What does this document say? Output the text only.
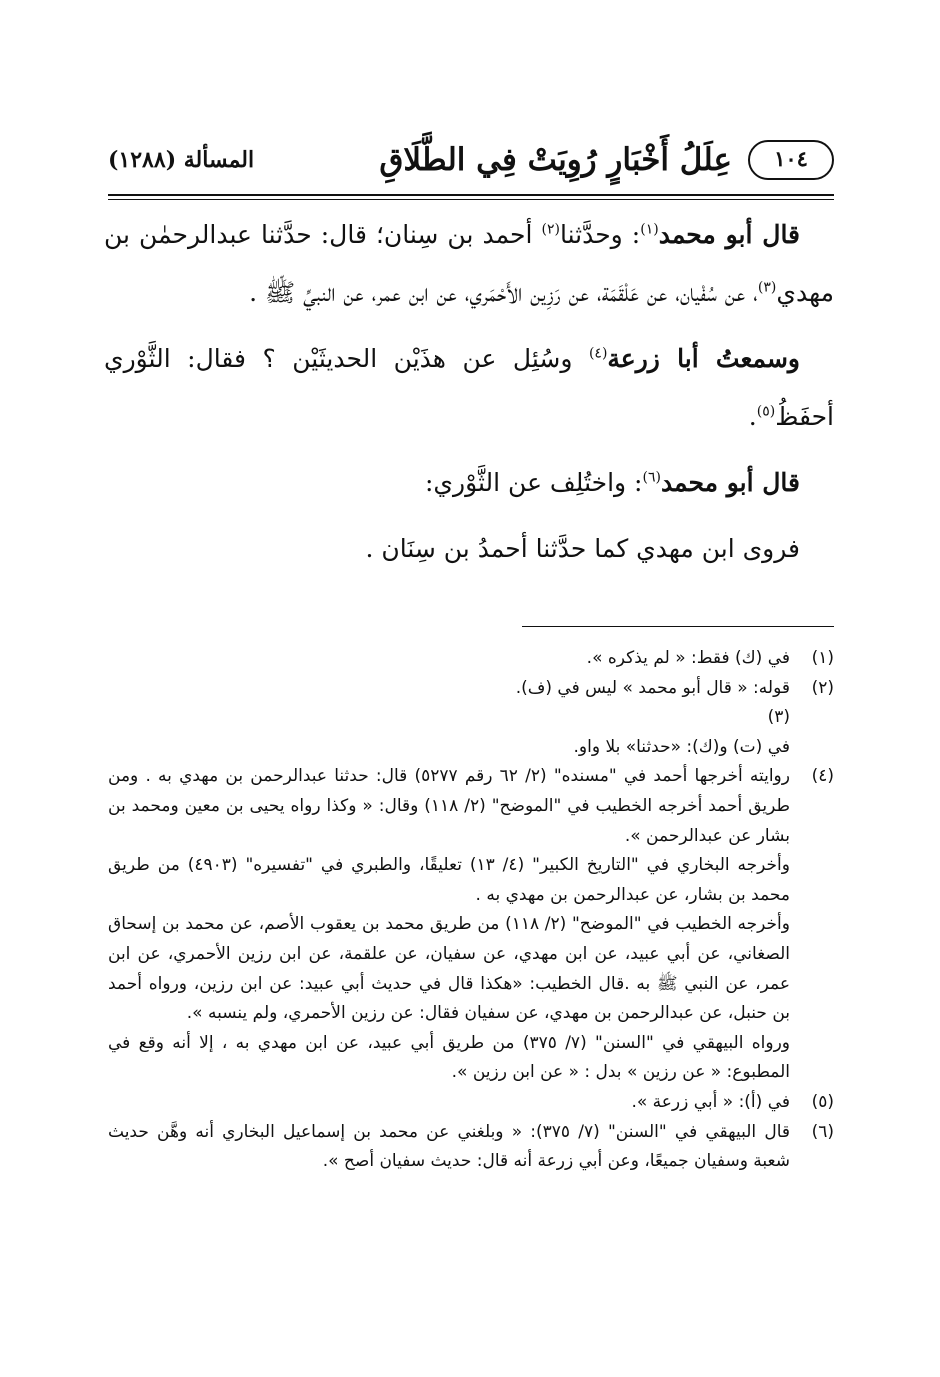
١٠٤
عِلَلُ أَخْبَارٍ رُوِيَتْ فِي الطَّلَاقِ
المسألة (١٢٨٨)

قال أبو محمد$^{(١)}$: وحدَّثنا$^{(٢)}$ أحمد بن سِنان؛ قال: حدَّثنا عبدالرحمٰن بن مهدي$^{(٣)}$، عن سُفْيان، عن عَلْقَمَة، عن رَزِين الأَحْمَري، عن ابن عمر، عن النبيِّ ﷺ .

وسمعتُ أبا زرعة$^{(٤)}$ وسُئِل عن هذَيْن الحديثَيْن ؟ فقال: الثَّوْري أحفَظُ$^{(٥)}$.

قال أبو محمد$^{(٦)}$: واختُلِف عن الثَّوْري:

فروى ابن مهدي كما حدَّثنا أحمدُ بن سِنَان .

(١)
في (ك) فقط: « لم يذكره ».
(٢)
قوله: « قال أبو محمد » ليس في (ف).
(٣)
في (ت) و(ك): «حدثنا» بلا واو.
(٤)
روايته أخرجها أحمد في "مسنده" (٢/ ٦٢ رقم ٥٢٧٧) قال: حدثنا عبدالرحمن بن مهدي به . ومن طريق أحمد أخرجه الخطيب في "الموضح" (٢/ ١١٨) وقال: « وكذا رواه يحيى بن معين ومحمد بن بشار عن عبدالرحمن ».
وأخرجه البخاري في "التاريخ الكبير" (٤/ ١٣) تعليقًا، والطبري في "تفسيره" (٤٩٠٣) من طريق محمد بن بشار، عن عبدالرحمن بن مهدي به .
وأخرجه الخطيب في "الموضح" (٢/ ١١٨) من طريق محمد بن يعقوب الأصم، عن محمد بن إسحاق الصغاني، عن أبي عبيد، عن ابن مهدي، عن سفيان، عن علقمة، عن ابن رزين الأحمري، عن ابن عمر، عن النبي ﷺ به .قال الخطيب: «هكذا قال في حديث أبي عبيد: عن ابن رزين، ورواه أحمد بن حنبل، عن عبدالرحمن بن مهدي، عن سفيان فقال: عن رزين الأحمري، ولم ينسبه ».
ورواه البيهقي في "السنن" (٧/ ٣٧٥) من طريق أبي عبيد، عن ابن مهدي به ، إلا أنه وقع في المطبوع: « عن رزين » بدل : « عن ابن رزين ».
(٥)
في (أ): « أبي زرعة ».
(٦)
قال البيهقي في "السنن" (٧/ ٣٧٥): « وبلغني عن محمد بن إسماعيل البخاري أنه وهَّن حديث شعبة وسفيان جميعًا، وعن أبي زرعة أنه قال: حديث سفيان أصح ».
